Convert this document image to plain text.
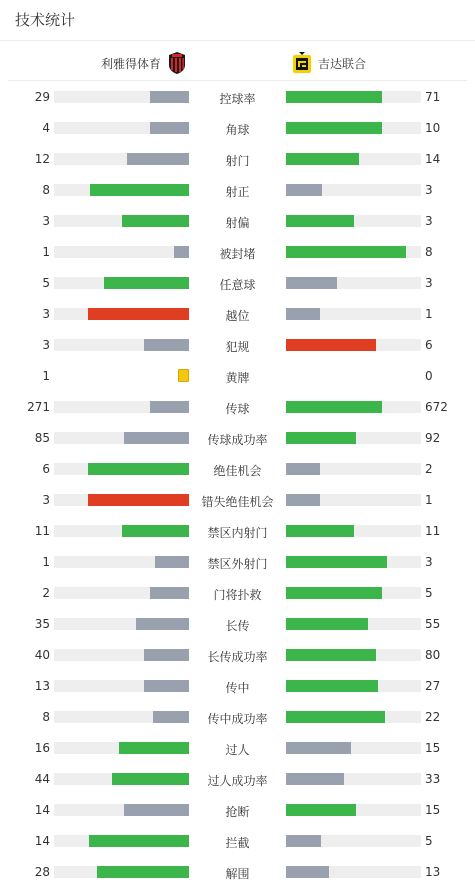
技术统计
利雅得体育	吉达联合
29	控球率	71
4	角球	10
12	射门	14
8	射正	3
3	射偏	3
1	被封堵	8
5	任意球	3
3	越位	1
3	犯规	6
1	黄牌	0
271	传球	672
85	传球成功率	92
6	绝佳机会	2
3	错失绝佳机会	1
11	禁区内射门	11
1	禁区外射门	3
2	门将扑救	5
35	长传	55
40	长传成功率	80
13	传中	27
8	传中成功率	22
16	过人	15
44	过人成功率	33
14	抢断	15
14	拦截	5
28	解围	13
